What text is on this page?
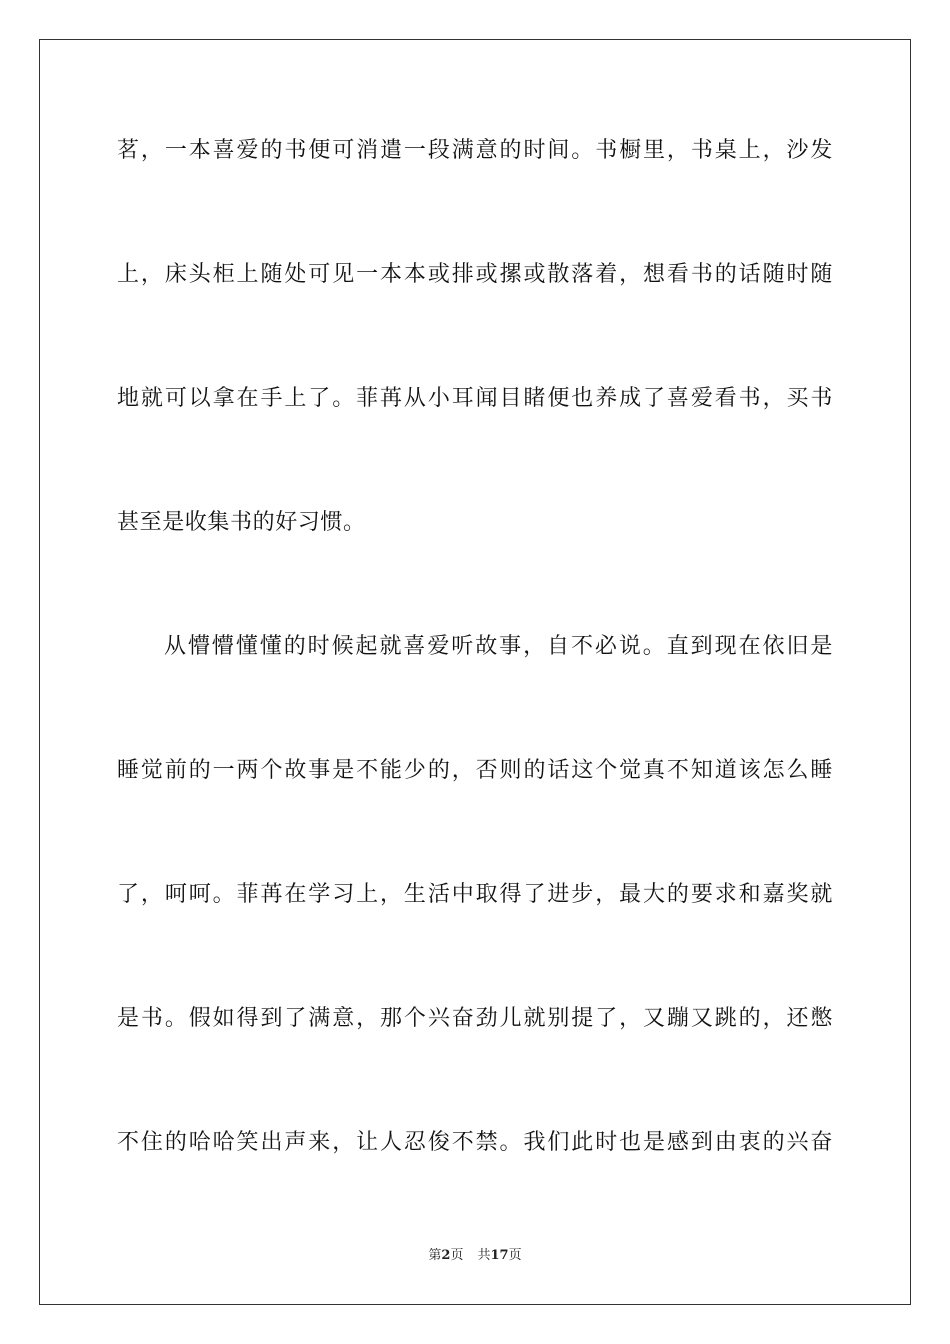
茗，一本喜爱的书便可消遣一段满意的时间。书橱里，书桌上，沙发
上，床头柜上随处可见一本本或排或摞或散落着，想看书的话随时随
地就可以拿在手上了。菲苒从小耳闻目睹便也养成了喜爱看书，买书
甚至是收集书的好习惯。
从懵懵懂懂的时候起就喜爱听故事，自不必说。直到现在依旧是
睡觉前的一两个故事是不能少的，否则的话这个觉真不知道该怎么睡
了，呵呵。菲苒在学习上，生活中取得了进步，最大的要求和嘉奖就
是书。假如得到了满意，那个兴奋劲儿就别提了，又蹦又跳的，还憋
不住的哈哈笑出声来，让人忍俊不禁。我们此时也是感到由衷的兴奋
第2页 共17页
